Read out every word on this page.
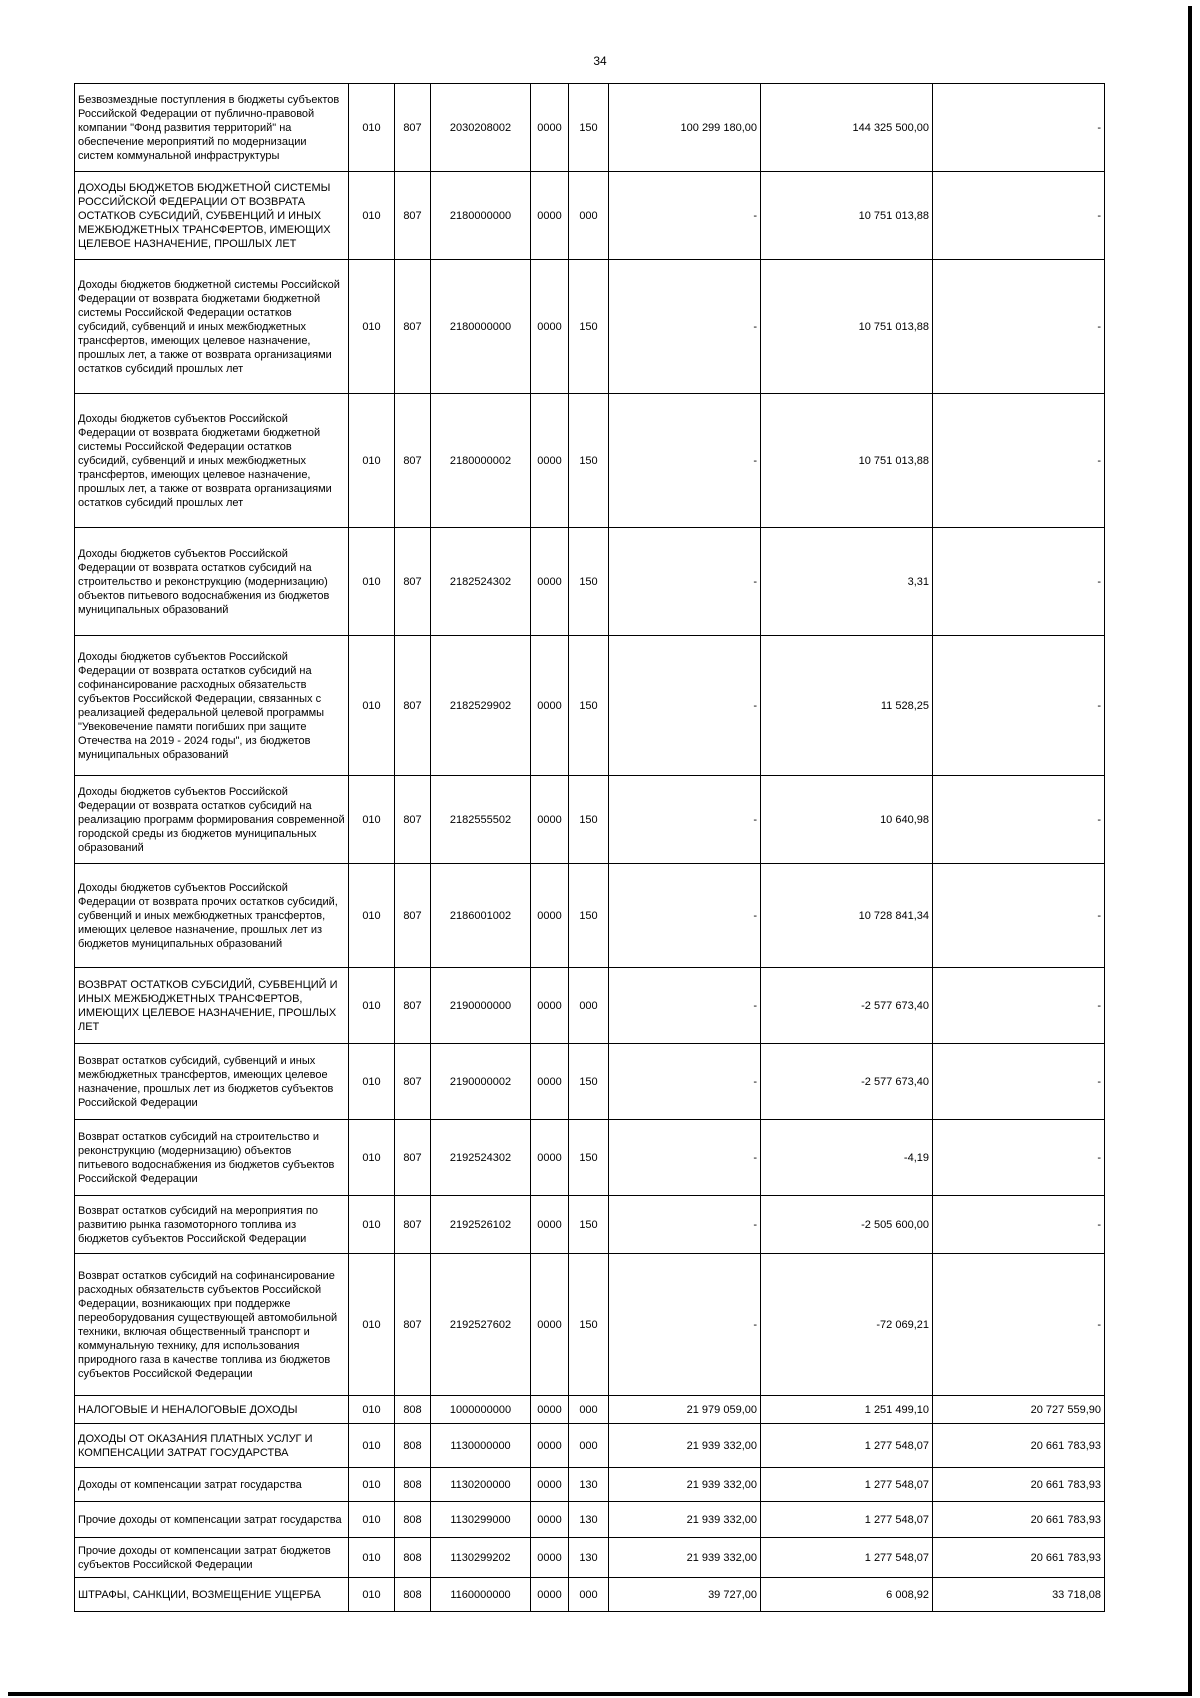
34
Безвозмездные поступления в бюджеты субъектов Российской Федерации от публично-правовой компании "Фонд развития территорий" на обеспечение мероприятий по модернизации систем коммунальной инфраструктуры	010	807	2030208002	0000	150	100 299 180,00	144 325 500,00	-
ДОХОДЫ БЮДЖЕТОВ БЮДЖЕТНОЙ СИСТЕМЫ РОССИЙСКОЙ ФЕДЕРАЦИИ ОТ ВОЗВРАТА ОСТАТКОВ СУБСИДИЙ, СУБВЕНЦИЙ И ИНЫХ МЕЖБЮДЖЕТНЫХ ТРАНСФЕРТОВ, ИМЕЮЩИХ ЦЕЛЕВОЕ НАЗНАЧЕНИЕ, ПРОШЛЫХ ЛЕТ	010	807	2180000000	0000	000	-	10 751 013,88	-
Доходы бюджетов бюджетной системы Российской Федерации от возврата бюджетами бюджетной системы Российской Федерации остатков субсидий, субвенций и иных межбюджетных трансфертов, имеющих целевое назначение, прошлых лет, а также от возврата организациями остатков субсидий прошлых лет	010	807	2180000000	0000	150	-	10 751 013,88	-
Доходы бюджетов субъектов Российской Федерации от возврата бюджетами бюджетной системы Российской Федерации остатков субсидий, субвенций и иных межбюджетных трансфертов, имеющих целевое назначение, прошлых лет, а также от возврата организациями остатков субсидий прошлых лет	010	807	2180000002	0000	150	-	10 751 013,88	-
Доходы бюджетов субъектов Российской Федерации от возврата остатков субсидий на строительство и реконструкцию (модернизацию) объектов питьевого водоснабжения из бюджетов муниципальных образований	010	807	2182524302	0000	150	-	3,31	-
Доходы бюджетов субъектов Российской Федерации от возврата остатков субсидий на софинансирование расходных обязательств субъектов Российской Федерации, связанных с реализацией федеральной целевой программы "Увековечение памяти погибших при защите Отечества на 2019 - 2024 годы", из бюджетов муниципальных образований	010	807	2182529902	0000	150	-	11 528,25	-
Доходы бюджетов субъектов Российской Федерации от возврата остатков субсидий на реализацию программ формирования современной городской среды из бюджетов муниципальных образований	010	807	2182555502	0000	150	-	10 640,98	-
Доходы бюджетов субъектов Российской Федерации от возврата прочих остатков субсидий, субвенций и иных межбюджетных трансфертов, имеющих целевое назначение, прошлых лет из бюджетов муниципальных образований	010	807	2186001002	0000	150	-	10 728 841,34	-
ВОЗВРАТ ОСТАТКОВ СУБСИДИЙ, СУБВЕНЦИЙ И ИНЫХ МЕЖБЮДЖЕТНЫХ ТРАНСФЕРТОВ, ИМЕЮЩИХ ЦЕЛЕВОЕ НАЗНАЧЕНИЕ, ПРОШЛЫХ ЛЕТ	010	807	2190000000	0000	000	-	-2 577 673,40	-
Возврат остатков субсидий, субвенций и иных межбюджетных трансфертов, имеющих целевое назначение, прошлых лет из бюджетов субъектов Российской Федерации	010	807	2190000002	0000	150	-	-2 577 673,40	-
Возврат остатков субсидий на строительство и реконструкцию (модернизацию) объектов питьевого водоснабжения из бюджетов субъектов Российской Федерации	010	807	2192524302	0000	150	-	-4,19	-
Возврат остатков субсидий на мероприятия по развитию рынка газомоторного топлива из бюджетов субъектов Российской Федерации	010	807	2192526102	0000	150	-	-2 505 600,00	-
Возврат остатков субсидий на софинансирование расходных обязательств субъектов Российской Федерации, возникающих при поддержке переоборудования существующей автомобильной техники, включая общественный транспорт и коммунальную технику, для использования природного газа в качестве топлива из бюджетов субъектов Российской Федерации	010	807	2192527602	0000	150	-	-72 069,21	-
НАЛОГОВЫЕ И НЕНАЛОГОВЫЕ ДОХОДЫ	010	808	1000000000	0000	000	21 979 059,00	1 251 499,10	20 727 559,90
ДОХОДЫ ОТ ОКАЗАНИЯ ПЛАТНЫХ УСЛУГ И КОМПЕНСАЦИИ ЗАТРАТ ГОСУДАРСТВА	010	808	1130000000	0000	000	21 939 332,00	1 277 548,07	20 661 783,93
Доходы от компенсации затрат государства	010	808	1130200000	0000	130	21 939 332,00	1 277 548,07	20 661 783,93
Прочие доходы от компенсации затрат государства	010	808	1130299000	0000	130	21 939 332,00	1 277 548,07	20 661 783,93
Прочие доходы от компенсации затрат бюджетов субъектов Российской Федерации	010	808	1130299202	0000	130	21 939 332,00	1 277 548,07	20 661 783,93
ШТРАФЫ, САНКЦИИ, ВОЗМЕЩЕНИЕ УЩЕРБА	010	808	1160000000	0000	000	39 727,00	6 008,92	33 718,08
